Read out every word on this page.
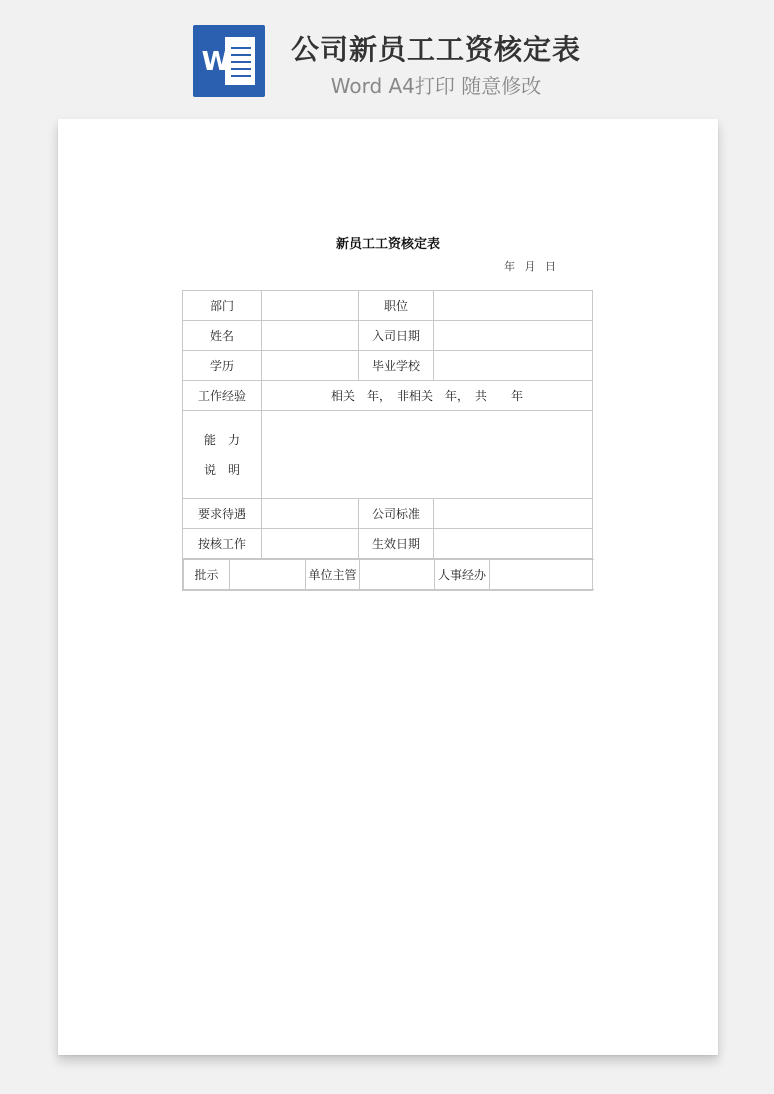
W	公司新员工工资核定表
Word A4打印 随意修改
新员工工资核定表
年 月 日
部门		职位	
姓名		入司日期	
学历		毕业学校	
工作经验	相关　年，　非相关　年，　共　　年

能　力
说　明

要求待遇		公司标准	
按核工作		生效日期	

批示		单位主管		人事经办	
